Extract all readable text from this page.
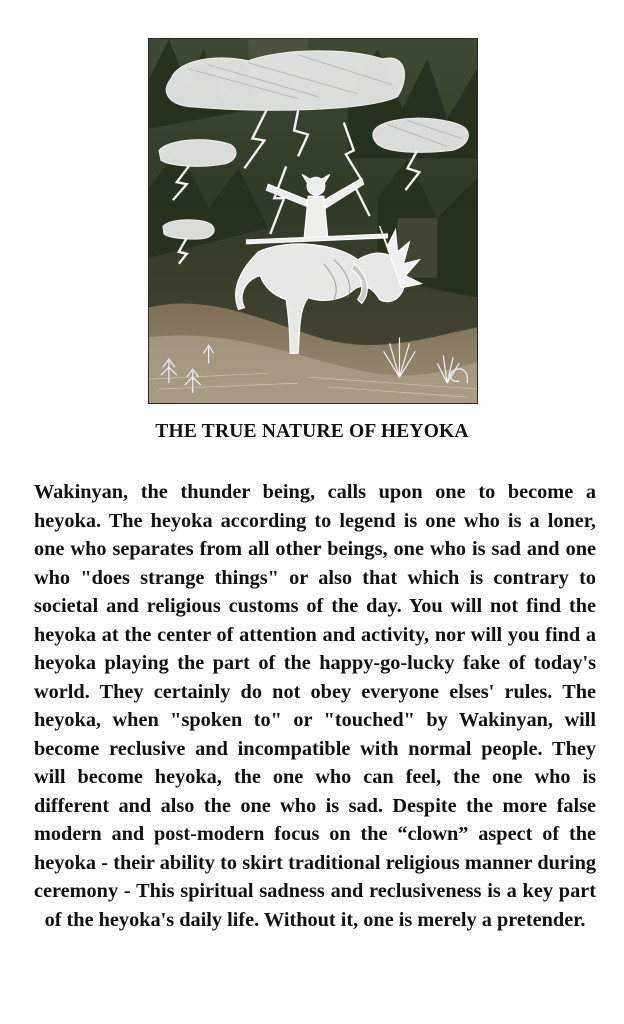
THE TRUE NATURE OF HEYOKA

Wakinyan, the thunder being, calls upon one to become a heyoka. The heyoka according to legend is one who is a loner, one who separates from all other beings, one who is sad and one who "does strange things" or also that which is contrary to societal and religious customs of the day. You will not find the heyoka at the center of attention and activity, nor will you find a heyoka playing the part of the happy-go-lucky fake of today's world. They certainly do not obey everyone elses' rules. The heyoka, when "spoken to" or "touched" by Wakinyan, will become reclusive and incompatible with normal people. They will become heyoka, the one who can feel, the one who is different and also the one who is sad. Despite the more false modern and post-modern focus on the “clown” aspect of the heyoka - their ability to skirt traditional religious manner during ceremony - This spiritual sadness and reclusiveness is a key part of the heyoka's daily life. Without it, one is merely a pretender.
